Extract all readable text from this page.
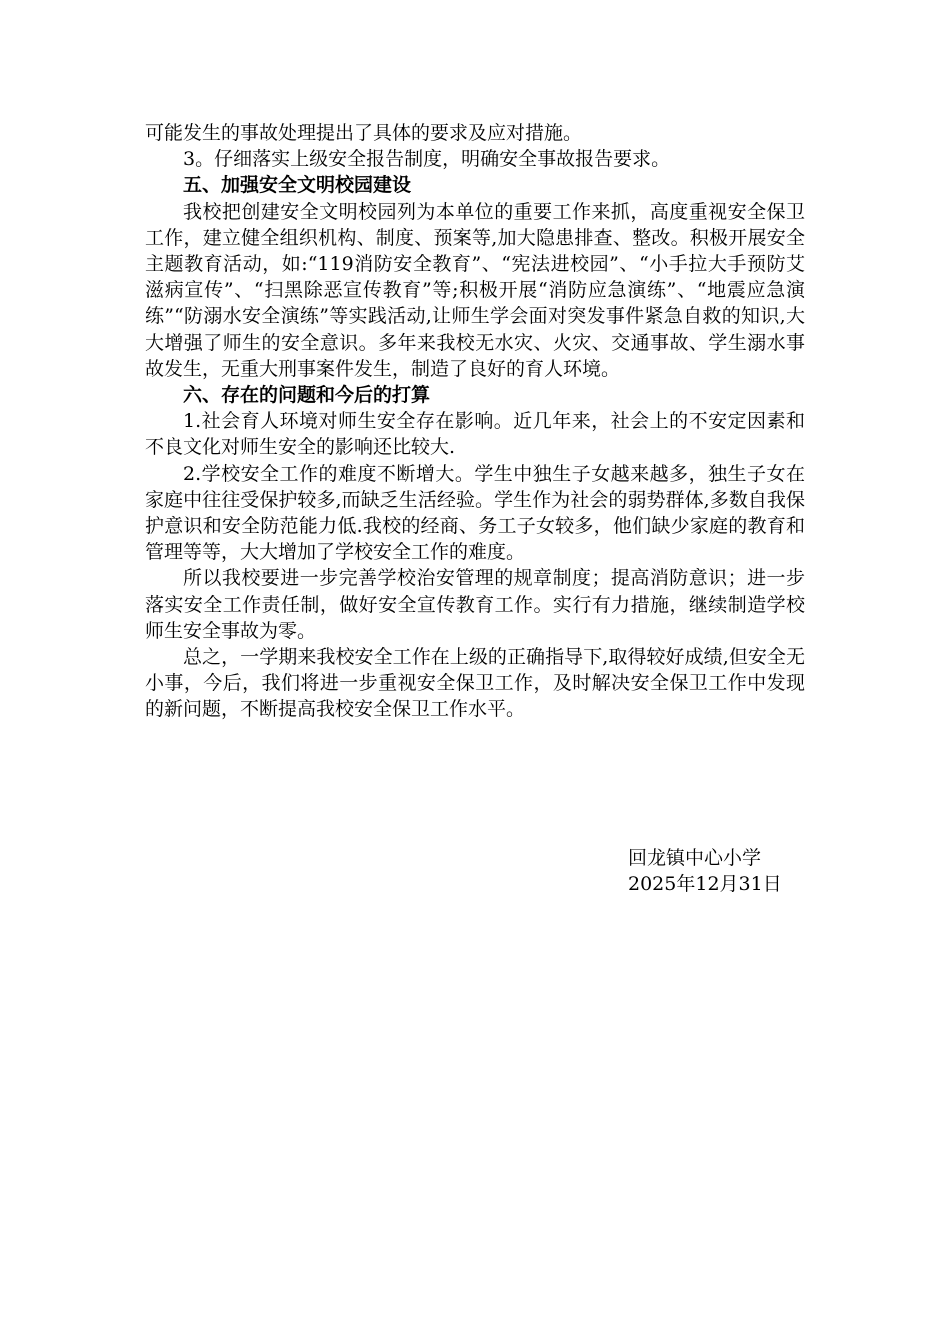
可能发生的事故处理提出了具体的要求及应对措施。

3。仔细落实上级安全报告制度，明确安全事故报告要求。

五、加强安全文明校园建设

我校把创建安全文明校园列为本单位的重要工作来抓，高度重视安全保卫工作，建立健全组织机构、制度、预案等,加大隐患排查、整改。积极开展安全主题教育活动，如:“119消防安全教育”、“宪法进校园”、“小手拉大手预防艾滋病宣传”、“扫黑除恶宣传教育”等;积极开展“消防应急演练”、“地震应急演练”“防溺水安全演练”等实践活动,让师生学会面对突发事件紧急自救的知识,大大增强了师生的安全意识。多年来我校无水灾、火灾、交通事故、学生溺水事故发生，无重大刑事案件发生，制造了良好的育人环境。

六、存在的问题和今后的打算

1.社会育人环境对师生安全存在影响。近几年来，社会上的不安定因素和不良文化对师生安全的影响还比较大.

2.学校安全工作的难度不断增大。学生中独生子女越来越多，独生子女在家庭中往往受保护较多,而缺乏生活经验。学生作为社会的弱势群体,多数自我保护意识和安全防范能力低.我校的经商、务工子女较多，他们缺少家庭的教育和管理等等，大大增加了学校安全工作的难度。

所以我校要进一步完善学校治安管理的规章制度；提高消防意识；进一步落实安全工作责任制，做好安全宣传教育工作。实行有力措施，继续制造学校师生安全事故为零。

总之，一学期来我校安全工作在上级的正确指导下,取得较好成绩,但安全无小事，今后，我们将进一步重视安全保卫工作，及时解决安全保卫工作中发现的新问题，不断提高我校安全保卫工作水平。

回龙镇中心小学

2025年12月31日
